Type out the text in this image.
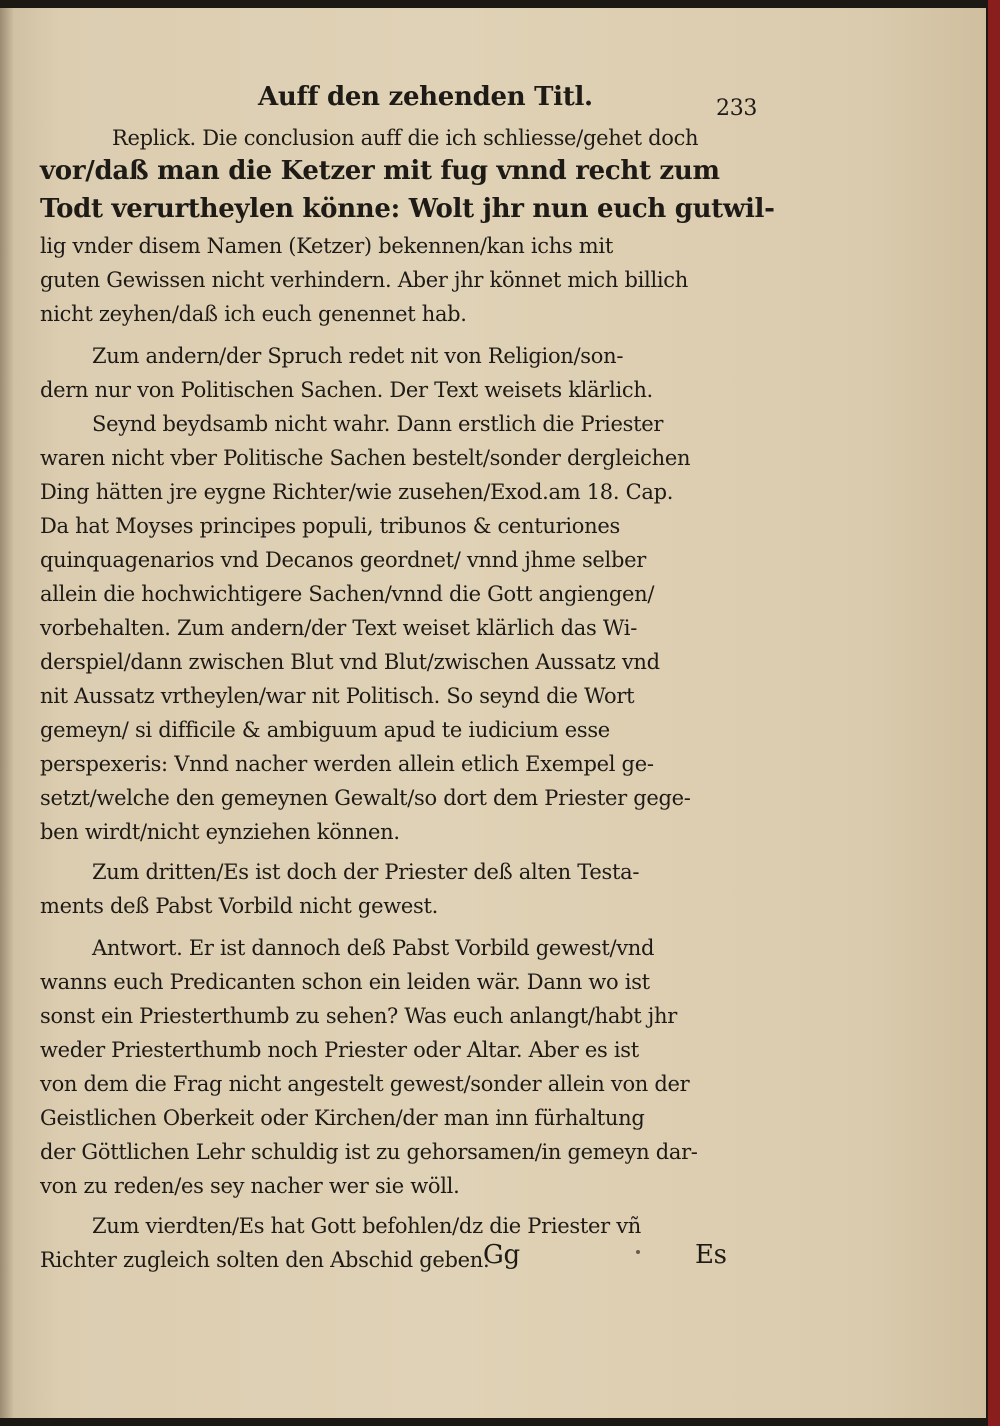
Auff den zehenden Titl.	233
Replick. Die conclusion auff die ich schliesse/gehet doch
vor/daß man die Ketzer mit fug vnnd recht zum
Todt verurtheylen könne: Wolt jhr nun euch gutwil-
lig vnder disem Namen (Ketzer) bekennen/kan ichs mit
guten Gewissen nicht verhindern. Aber jhr könnet mich billich
nicht zeyhen/daß ich euch genennet hab.
Zum andern/der Spruch redet nit von Religion/son-
dern nur von Politischen Sachen. Der Text weisets klärlich.
Seynd beydsamb nicht wahr. Dann erstlich die Priester
waren nicht vber Politische Sachen bestelt/sonder dergleichen
Ding hätten jre eygne Richter/wie zusehen/Exod.am 18. Cap.
Da hat Moyses principes populi, tribunos & centuriones
quinquagenarios vnd Decanos geordnet/ vnnd jhme selber
allein die hochwichtigere Sachen/vnnd die Gott angiengen/
vorbehalten. Zum andern/der Text weiset klärlich das Wi-
derspiel/dann zwischen Blut vnd Blut/zwischen Aussatz vnd
nit Aussatz vrtheylen/war nit Politisch. So seynd die Wort
gemeyn/ si difficile & ambiguum apud te iudicium esse
perspexeris: Vnnd nacher werden allein etlich Exempel ge-
setzt/welche den gemeynen Gewalt/so dort dem Priester gege-
ben wirdt/nicht eynziehen können.
Zum dritten/Es ist doch der Priester deß alten Testa-
ments deß Pabst Vorbild nicht gewest.
Antwort. Er ist dannoch deß Pabst Vorbild gewest/vnd
wanns euch Predicanten schon ein leiden wär. Dann wo ist
sonst ein Priesterthumb zu sehen? Was euch anlangt/habt jhr
weder Priesterthumb noch Priester oder Altar. Aber es ist
von dem die Frag nicht angestelt gewest/sonder allein von der
Geistlichen Oberkeit oder Kirchen/der man inn fürhaltung
der Göttlichen Lehr schuldig ist zu gehorsamen/in gemeyn dar-
von zu reden/es sey nacher wer sie wöll.
Zum vierdten/Es hat Gott befohlen/dz die Priester vñ
Richter zugleich solten den Abschid geben.
Gg	Es
